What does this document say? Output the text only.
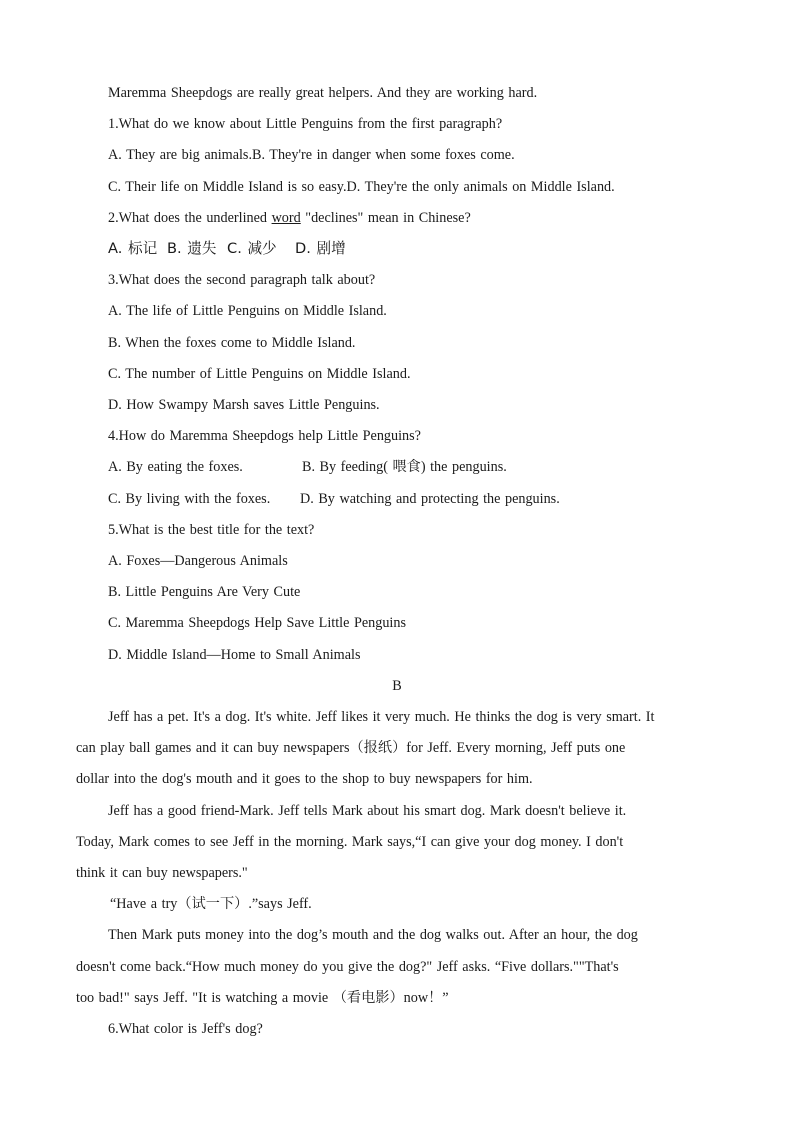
Maremma Sheepdogs are really great helpers. And they are working hard.
1.What do we know about Little Penguins from the first paragraph?
A. They are big animals.B. They're in danger when some foxes come.
C. Their life on Middle Island is so easy.D. They're the only animals on Middle Island.
2.What does the underlined word "declines" mean in Chinese?
A. 标记 B. 遗失 C. 减少 D. 剧增
3.What does the second paragraph talk about?
A. The life of Little Penguins on Middle Island.
B. When the foxes come to Middle Island.
C. The number of Little Penguins on Middle Island.
D. How Swampy Marsh saves Little Penguins.
4.How do Maremma Sheepdogs help Little Penguins?
A. By eating the foxes.	B. By feeding( 喂食) the penguins.
C. By living with the foxes. D. By watching and protecting the penguins.
5.What is the best title for the text?
A. Foxes—Dangerous Animals
B. Little Penguins Are Very Cute
C. Maremma Sheepdogs Help Save Little Penguins
D. Middle Island—Home to Small Animals
B
Jeff has a pet. It's a dog. It's white. Jeff likes it very much. He thinks the dog is very smart. It
can play ball games and it can buy newspapers（报纸）for Jeff. Every morning, Jeff puts one
dollar into the dog's mouth and it goes to the shop to buy newspapers for him.
Jeff has a good friend-Mark. Jeff tells Mark about his smart dog. Mark doesn't believe it.
Today, Mark comes to see Jeff in the morning. Mark says,“I can give your dog money. I don't
think it can buy newspapers."
“Have a try（试一下）.”says Jeff.
Then Mark puts money into the dog’s mouth and the dog walks out. After an hour, the dog
doesn't come back.“How much money do you give the dog?" Jeff asks. “Five dollars.""That's
too bad!" says Jeff. "It is watching a movie （看电影）now！”
6.What color is Jeff's dog?
